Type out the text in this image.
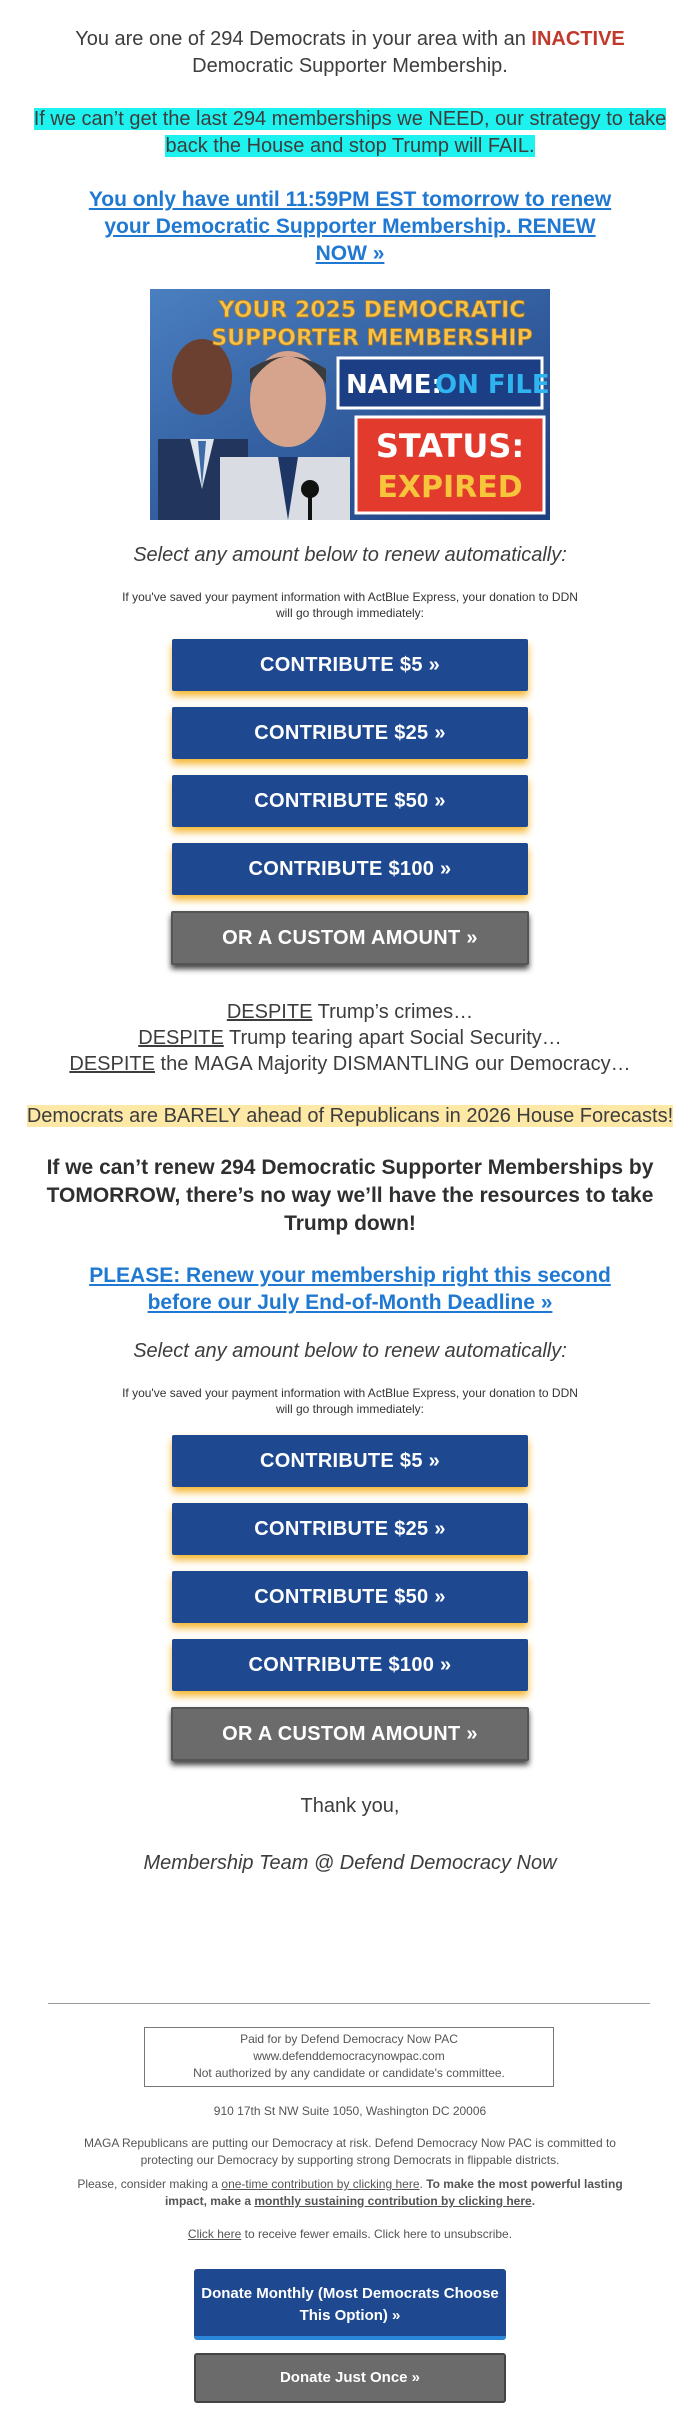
You are one of 294 Democrats in your area with an INACTIVE
Democratic Supporter Membership.

If we can’t get the last 294 memberships we NEED, our strategy to take back the House and stop Trump will FAIL.

You only have until 11:59PM EST tomorrow to renew your Democratic Supporter Membership. RENEW NOW »

YOUR 2025 DEMOCRATIC
SUPPORTER MEMBERSHIP
NAME:
ON FILE
STATUS:
EXPIRED

Select any amount below to renew automatically:

If you've saved your payment information with ActBlue Express, your donation to DDN will go through immediately:

CONTRIBUTE $5 »
CONTRIBUTE $25 »
CONTRIBUTE $50 »
CONTRIBUTE $100 »
OR A CUSTOM AMOUNT »

DESPITE Trump’s crimes…
DESPITE Trump tearing apart Social Security…
DESPITE the MAGA Majority DISMANTLING our Democracy…

Democrats are BARELY ahead of Republicans in 2026 House Forecasts!

If we can’t renew 294 Democratic Supporter Memberships by TOMORROW, there’s no way we’ll have the resources to take Trump down!

PLEASE: Renew your membership right this second before our July End-of-Month Deadline »

Select any amount below to renew automatically:

If you've saved your payment information with ActBlue Express, your donation to DDN will go through immediately:

CONTRIBUTE $5 »
CONTRIBUTE $25 »
CONTRIBUTE $50 »
CONTRIBUTE $100 »
OR A CUSTOM AMOUNT »

Thank you,

Membership Team @ Defend Democracy Now

Paid for by Defend Democracy Now PAC
www.defenddemocracynowpac.com
Not authorized by any candidate or candidate's committee.
910 17th St NW Suite 1050, Washington DC 20006
MAGA Republicans are putting our Democracy at risk. Defend Democracy Now PAC is committed to protecting our Democracy by supporting strong Democrats in flippable districts.
Please, consider making a one-time contribution by clicking here. To make the most powerful lasting impact, make a monthly sustaining contribution by clicking here.
Click here to receive fewer emails. Click here to unsubscribe.
Donate Monthly (Most Democrats Choose This Option) »
Donate Just Once »
